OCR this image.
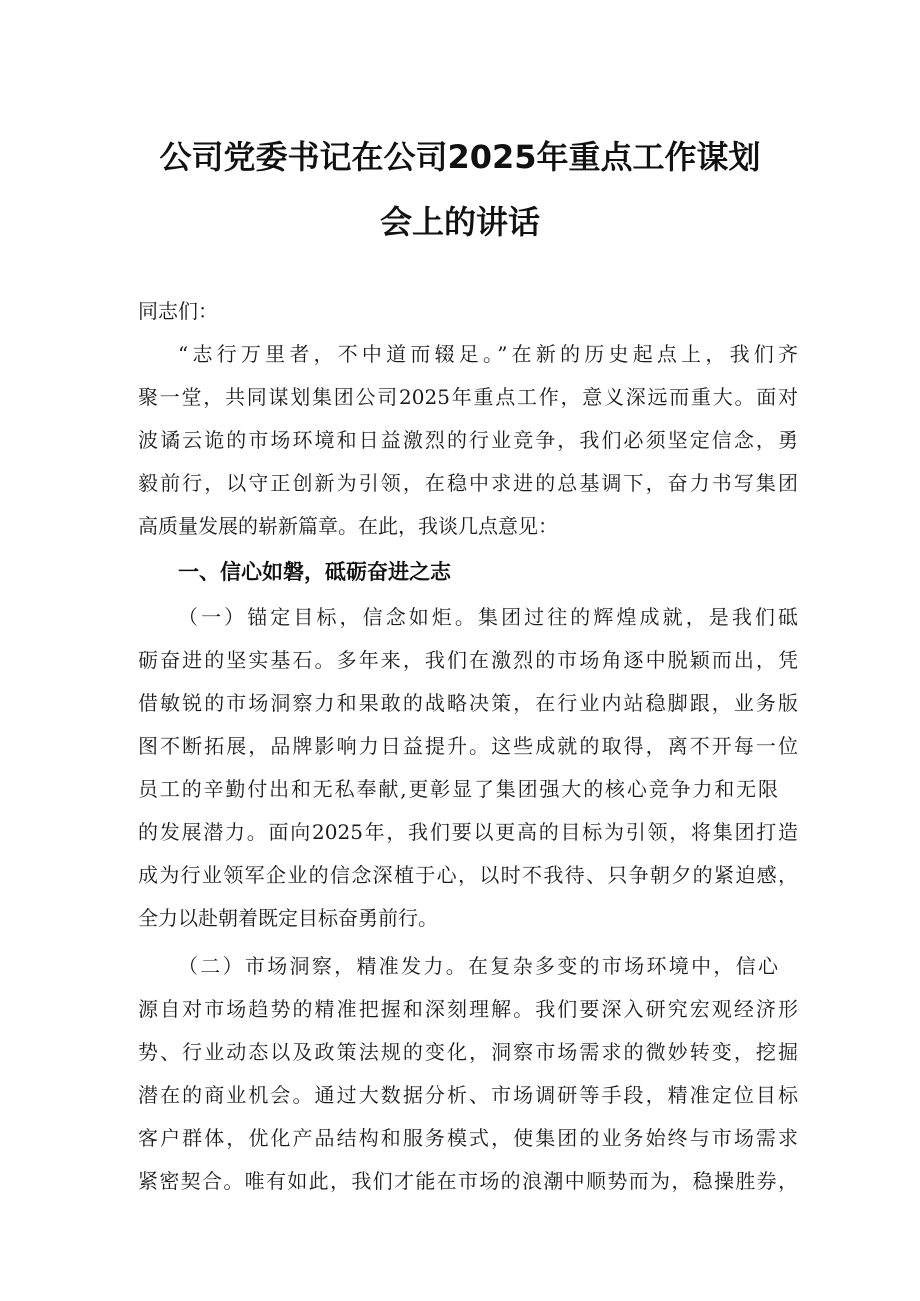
公司党委书记在公司2025年重点工作谋划
会上的讲话
同志们：
“志行万里者，不中道而辍足。”在新的历史起点上，我们齐
聚一堂，共同谋划集团公司2025年重点工作，意义深远而重大。面对
波谲云诡的市场环境和日益激烈的行业竞争，我们必须坚定信念，勇
毅前行，以守正创新为引领，在稳中求进的总基调下，奋力书写集团
高质量发展的崭新篇章。在此，我谈几点意见：
一、信心如磐，砥砺奋进之志
（一）锚定目标，信念如炬。集团过往的辉煌成就，是我们砥
砺奋进的坚实基石。多年来，我们在激烈的市场角逐中脱颖而出，凭
借敏锐的市场洞察力和果敢的战略决策，在行业内站稳脚跟，业务版
图不断拓展，品牌影响力日益提升。这些成就的取得，离不开每一位
员工的辛勤付出和无私奉献,更彰显了集团强大的核心竞争力和无限
的发展潜力。面向2025年，我们要以更高的目标为引领，将集团打造
成为行业领军企业的信念深植于心，以时不我待、只争朝夕的紧迫感，
全力以赴朝着既定目标奋勇前行。
（二）市场洞察，精准发力。在复杂多变的市场环境中，信心
源自对市场趋势的精准把握和深刻理解。我们要深入研究宏观经济形
势、行业动态以及政策法规的变化，洞察市场需求的微妙转变，挖掘
潜在的商业机会。通过大数据分析、市场调研等手段，精准定位目标
客户群体，优化产品结构和服务模式，使集团的业务始终与市场需求
紧密契合。唯有如此，我们才能在市场的浪潮中顺势而为，稳操胜券，
